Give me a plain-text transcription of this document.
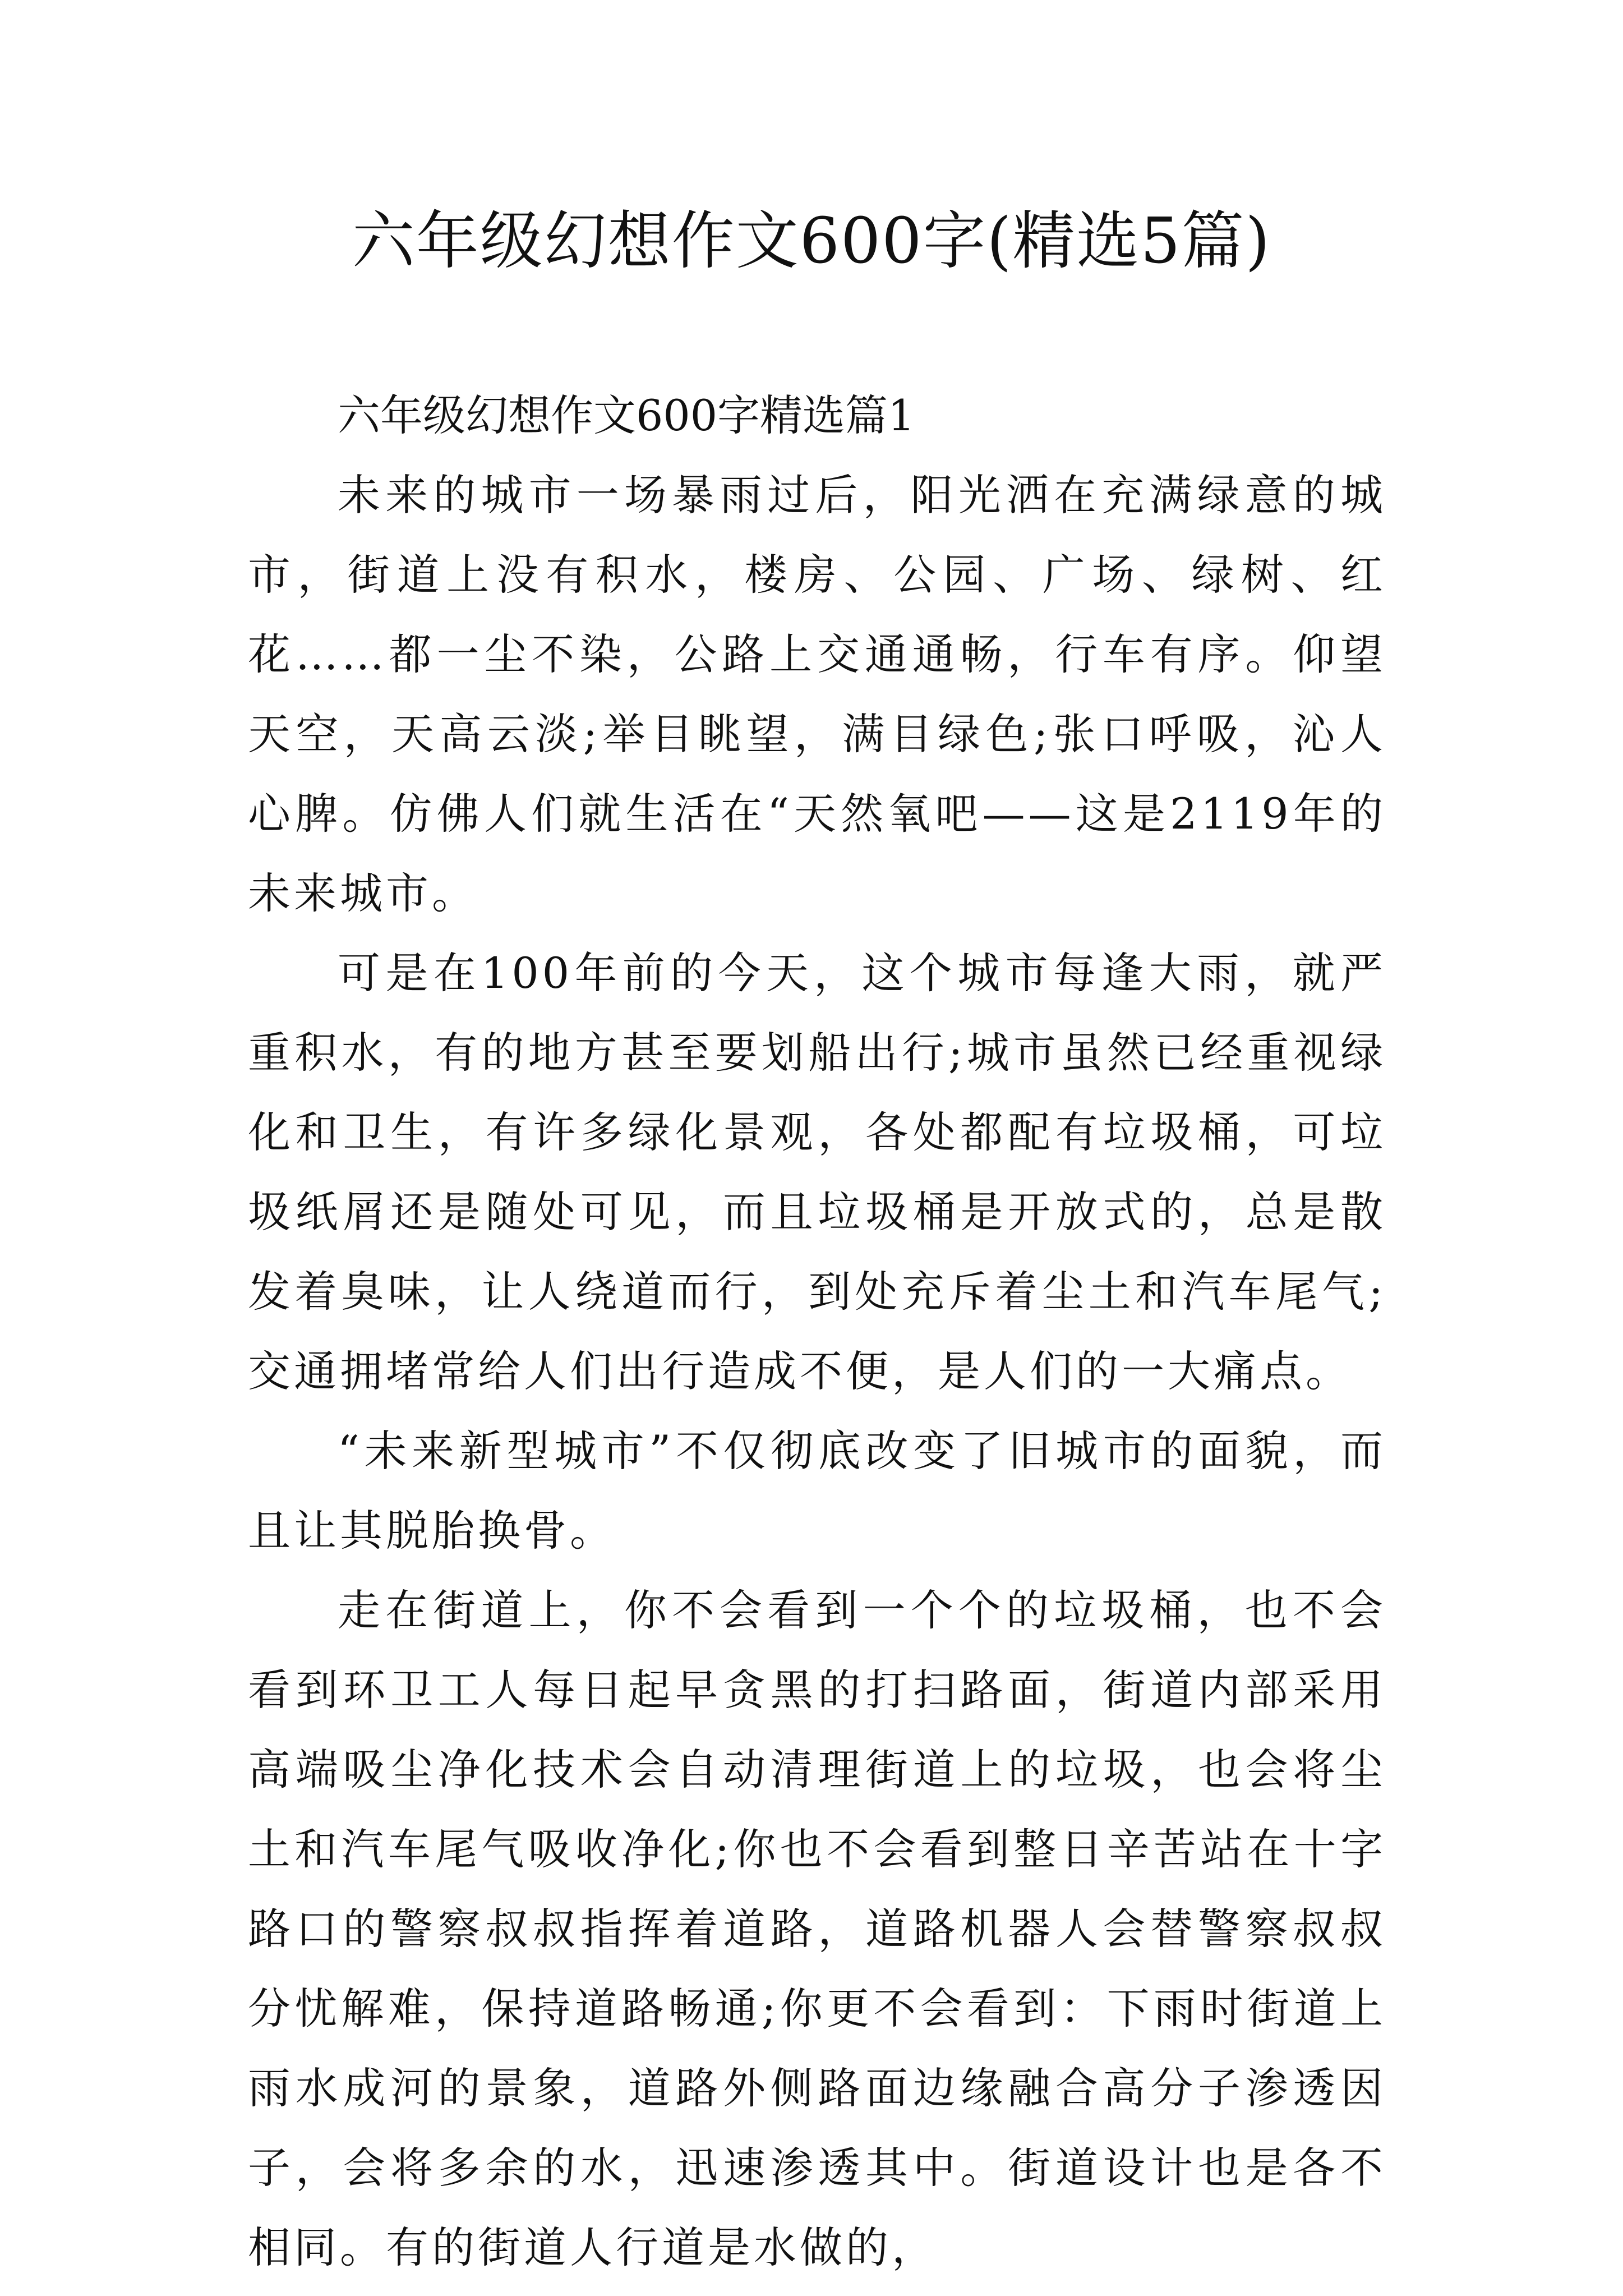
六年级幻想作文600字(精选5篇)

六年级幻想作文600字精选篇1

未来的城市一场暴雨过后，阳光洒在充满绿意的城市，街道上没有积水，楼房、公园、广场、绿树、红花……都一尘不染，公路上交通通畅，行车有序。仰望天空，天高云淡;举目眺望，满目绿色;张口呼吸，沁人心脾。仿佛人们就生活在“天然氧吧——这是2119年的未来城市。

可是在100年前的今天，这个城市每逢大雨，就严重积水，有的地方甚至要划船出行;城市虽然已经重视绿化和卫生，有许多绿化景观，各处都配有垃圾桶，可垃圾纸屑还是随处可见，而且垃圾桶是开放式的，总是散发着臭味，让人绕道而行，到处充斥着尘土和汽车尾气;交通拥堵常给人们出行造成不便，是人们的一大痛点。

“未来新型城市”不仅彻底改变了旧城市的面貌，而且让其脱胎换骨。

走在街道上，你不会看到一个个的垃圾桶，也不会看到环卫工人每日起早贪黑的打扫路面，街道内部采用高端吸尘净化技术会自动清理街道上的垃圾，也会将尘土和汽车尾气吸收净化;你也不会看到整日辛苦站在十字路口的警察叔叔指挥着道路，道路机器人会替警察叔叔分忧解难，保持道路畅通;你更不会看到：下雨时街道上雨水成河的景象，道路外侧路面边缘融合高分子渗透因子，会将多余的水，迅速渗透其中。街道设计也是各不相同。有的街道人行道是水做的，
